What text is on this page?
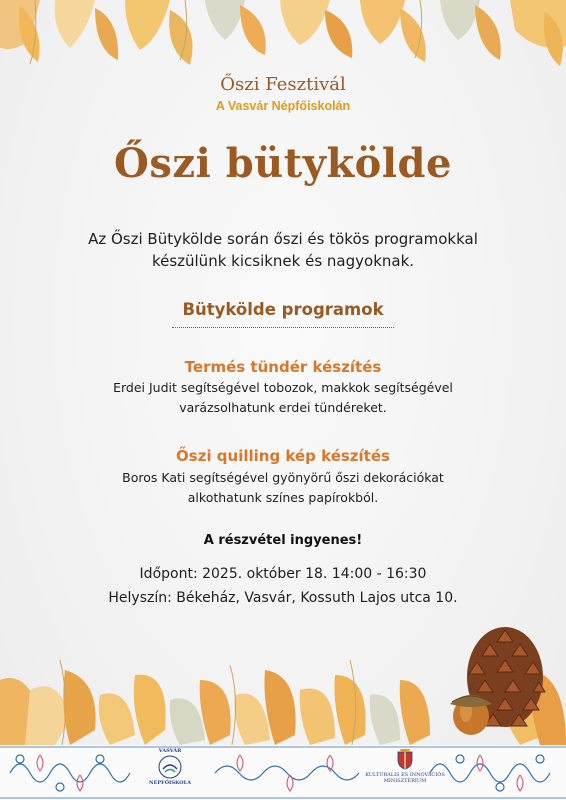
Őszi Fesztivál
A Vasvár Népfőiskolán
Őszi bütykölde
Az Őszi Bütykölde során őszi és tökös programokkal
készülünk kicsiknek és nagyoknak.
Bütykölde programok
Termés tündér készítés
Erdei Judit segítségével tobozok, makkok segítségével
varázsolhatunk erdei tündéreket.
Őszi quilling kép készítés
Boros Kati segítségével gyönyörű őszi dekorációkat
alkothatunk színes papírokból.
A részvétel ingyenes!
Időpont: 2025. október 18. 14:00 - 16:30
Helyszín: Békeház, Vasvár, Kossuth Lajos utca 10.
VASVÁR
NÉPFŐISKOLA
KULTURÁLIS ÉS INNOVÁCIÓS
MINISZTÉRIUM
